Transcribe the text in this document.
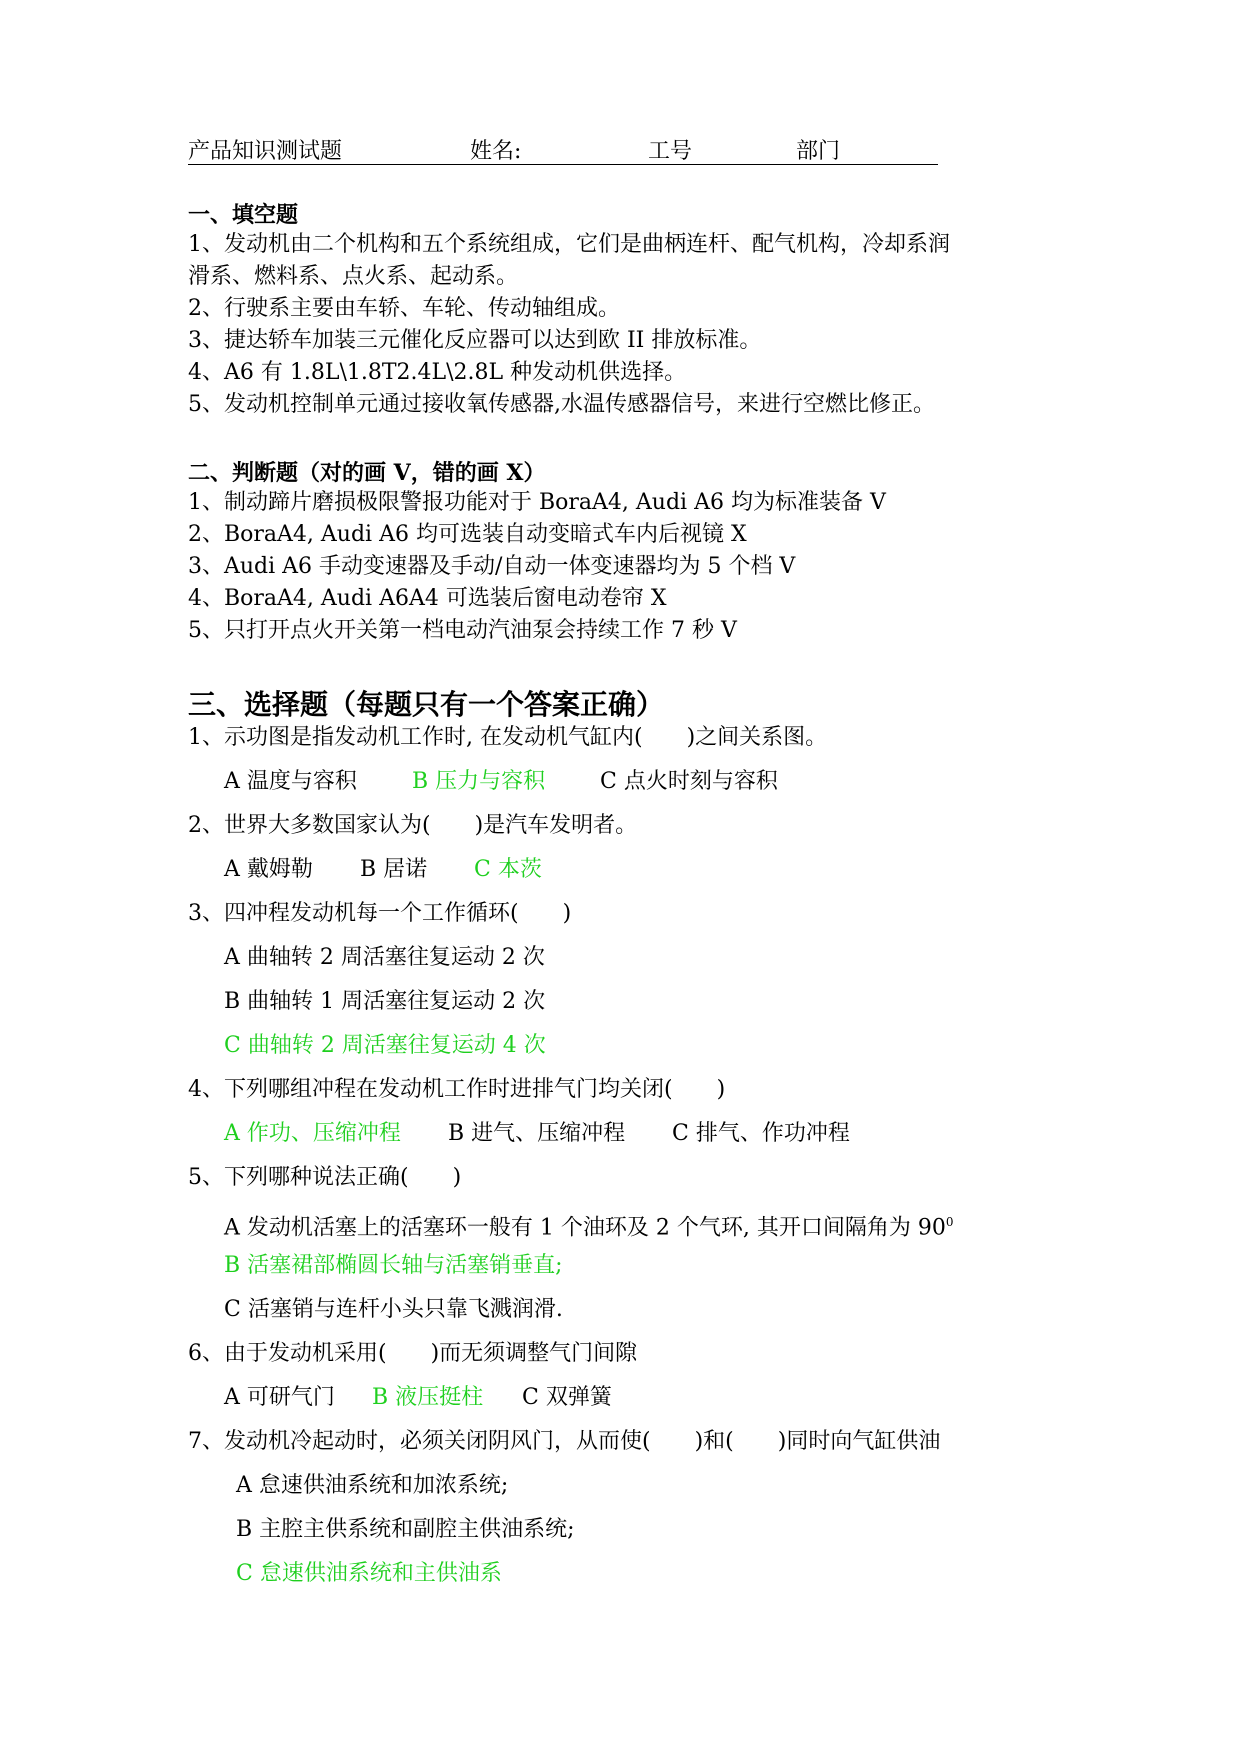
产品知识测试题	姓名:	工号	部门
一、填空题
1、发动机由二个机构和五个系统组成，它们是曲柄连杆、配气机构，冷却系润
滑系、燃料系、点火系、起动系。
2、行驶系主要由车轿、车轮、传动轴组成。
3、捷达轿车加装三元催化反应器可以达到欧 II 排放标准。
4、A6 有 1.8L\1.8T2.4L\2.8L 种发动机供选择。
5、发动机控制单元通过接收氧传感器,水温传感器信号，来进行空燃比修正。
二、判断题（对的画 V，错的画 X）
1、制动蹄片磨损极限警报功能对于 BoraA4, Audi A6 均为标准装备 V
2、BoraA4, Audi A6 均可选装自动变暗式车内后视镜 X
3、Audi A6 手动变速器及手动/自动一体变速器均为 5 个档 V
4、BoraA4, Audi A6A4 可选装后窗电动卷帘 X
5、只打开点火开关第一档电动汽油泵会持续工作 7 秒 V
三、选择题（每题只有一个答案正确）
1、示功图是指发动机工作时, 在发动机气缸内(　　)之间关系图。
A 温度与容积	B 压力与容积 C 点火时刻与容积
2、世界大多数国家认为(　　)是汽车发明者。
A 戴姆勒 B 居诺 C 本茨
3、四冲程发动机每一个工作循环(　　)
A 曲轴转 2 周活塞往复运动 2 次
B 曲轴转 1 周活塞往复运动 2 次
C 曲轴转 2 周活塞往复运动 4 次
4、下列哪组冲程在发动机工作时进排气门均关闭(　　)
A 作功、压缩冲程 B 进气、压缩冲程 C 排气、作功冲程
5、下列哪种说法正确(　　)
A 发动机活塞上的活塞环一般有 1 个油环及 2 个气环, 其开口间隔角为 $90^0$
B 活塞裙部椭圆长轴与活塞销垂直;
C 活塞销与连杆小头只靠飞溅润滑.
6、由于发动机采用(　　)而无须调整气门间隙
A 可研气门 B 液压挺柱 C 双弹簧
7、发动机冷起动时，必须关闭阴风门，从而使(　　)和(　　)同时向气缸供油
A 怠速供油系统和加浓系统;
B 主腔主供系统和副腔主供油系统;
C 怠速供油系统和主供油系
